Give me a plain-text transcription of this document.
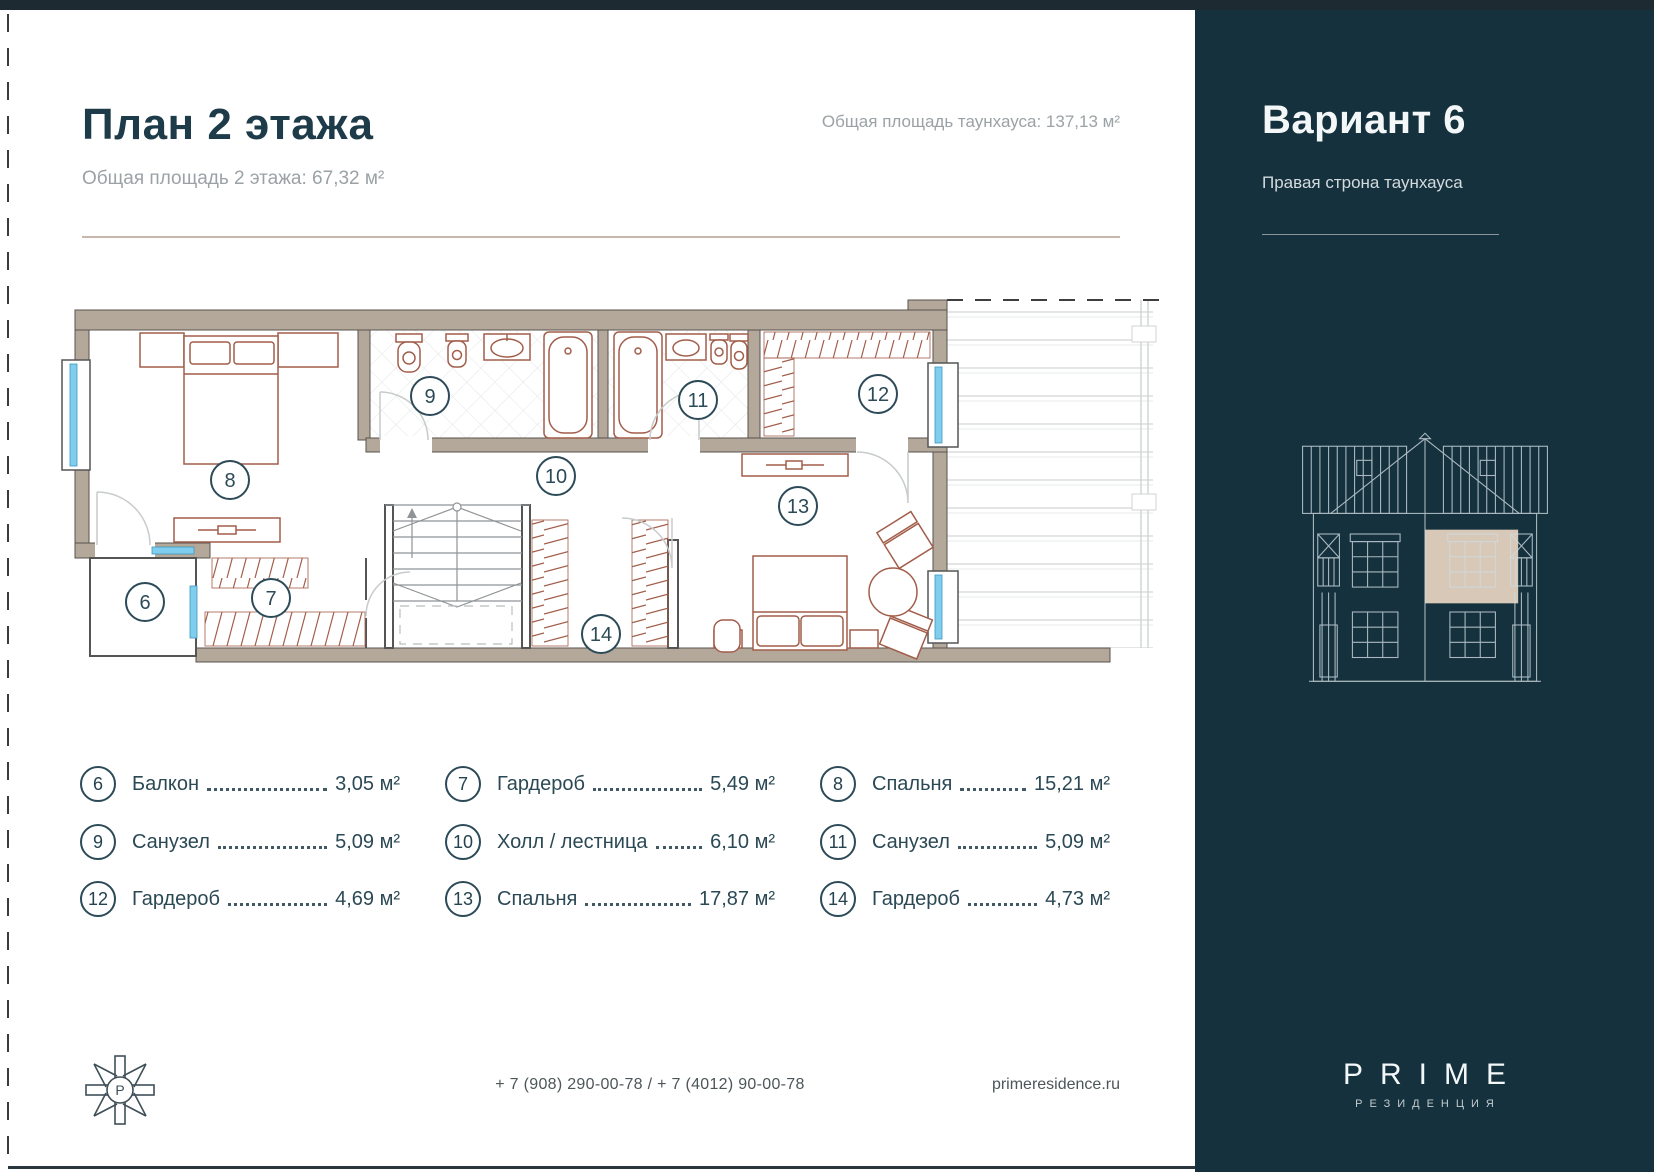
План 2 этажа
Общая площадь 2 этажа: 67,32 м²
Общая площадь таунхауса: 137,13 м²
6	7
8
9
10
11	12
13
14
6	Балкон	3,05 м²	7	Гардероб	5,49 м²	8	Спальня	15,21 м²
9	Санузел	5,09 м²	10	Холл / лестница	6,10 м²	11	Санузел	5,09 м²
12	Гардероб	4,69 м²	13	Спальня	17,87 м²	14	Гардероб	4,73 м²
P	+ 7 (908) 290-00-78 / + 7 (4012) 90-00-78	primeresidence.ru
Вариант 6
Правая строна таунхауса
PRIME
РЕЗИДЕНЦИЯ
